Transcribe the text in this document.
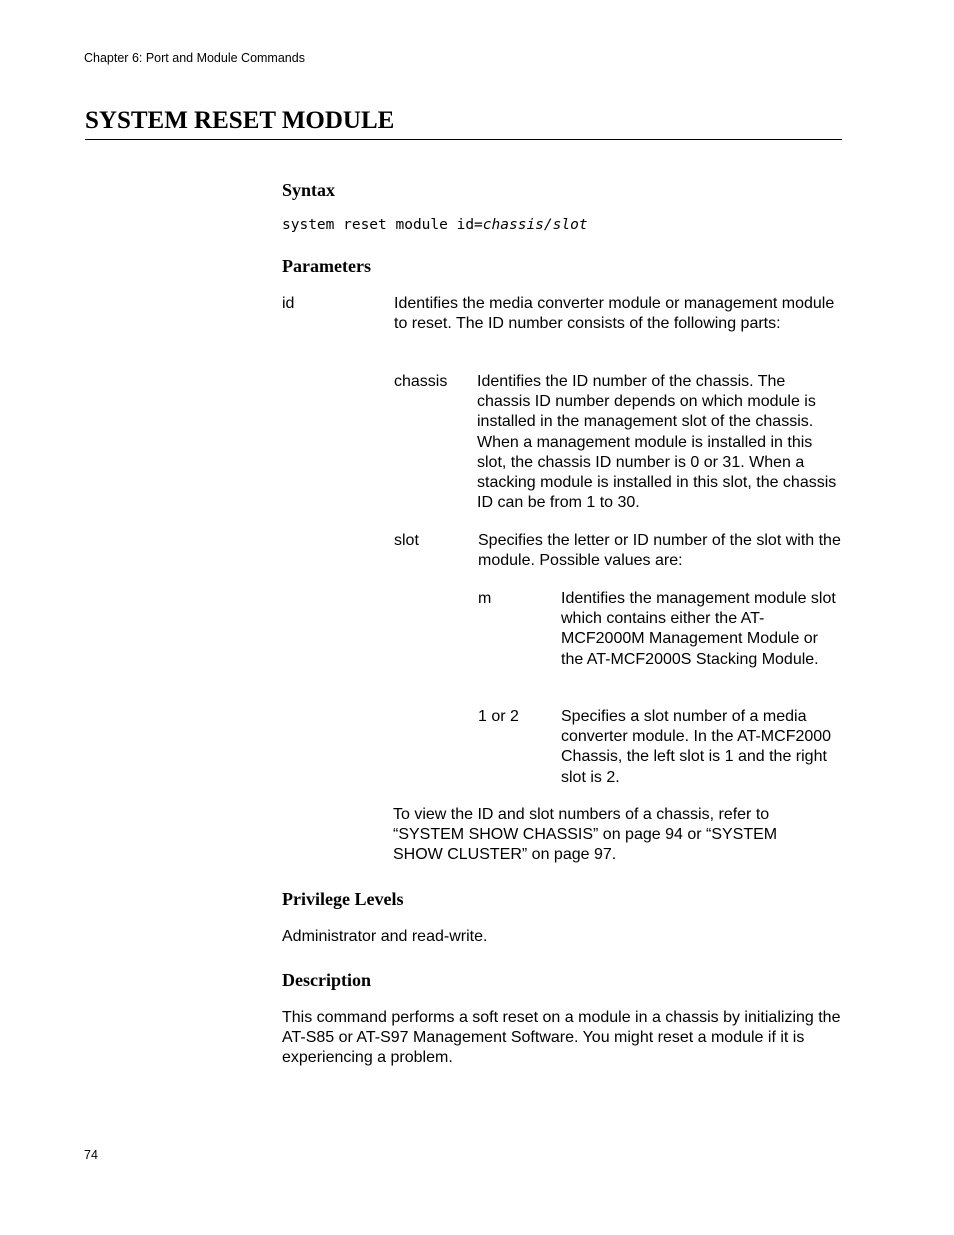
Chapter 6: Port and Module Commands
SYSTEM RESET MODULE
Syntax
system reset module id=chassis/slot
Parameters
id	Identifies the media converter module or management module to reset. The ID number consists of the following parts:
chassis Identifies the ID number of the chassis. The chassis ID number depends on which module is installed in the management slot of the chassis. When a management module is installed in this slot, the chassis ID number is 0 or 31. When a stacking module is installed in this slot, the chassis ID can be from 1 to 30.
slot	Specifies the letter or ID number of the slot with the module. Possible values are:
m	Identifies the management module slot which contains either the AT-MCF2000M Management Module or the AT-MCF2000S Stacking Module.
1 or 2	Specifies a slot number of a media converter module. In the AT-MCF2000 Chassis, the left slot is 1 and the right slot is 2.
To view the ID and slot numbers of a chassis, refer to “SYSTEM SHOW CHASSIS” on page 94 or “SYSTEM SHOW CLUSTER” on page 97.
Privilege Levels
Administrator and read-write.
Description
This command performs a soft reset on a module in a chassis by initializing the AT-S85 or AT-S97 Management Software. You might reset a module if it is experiencing a problem.
74
